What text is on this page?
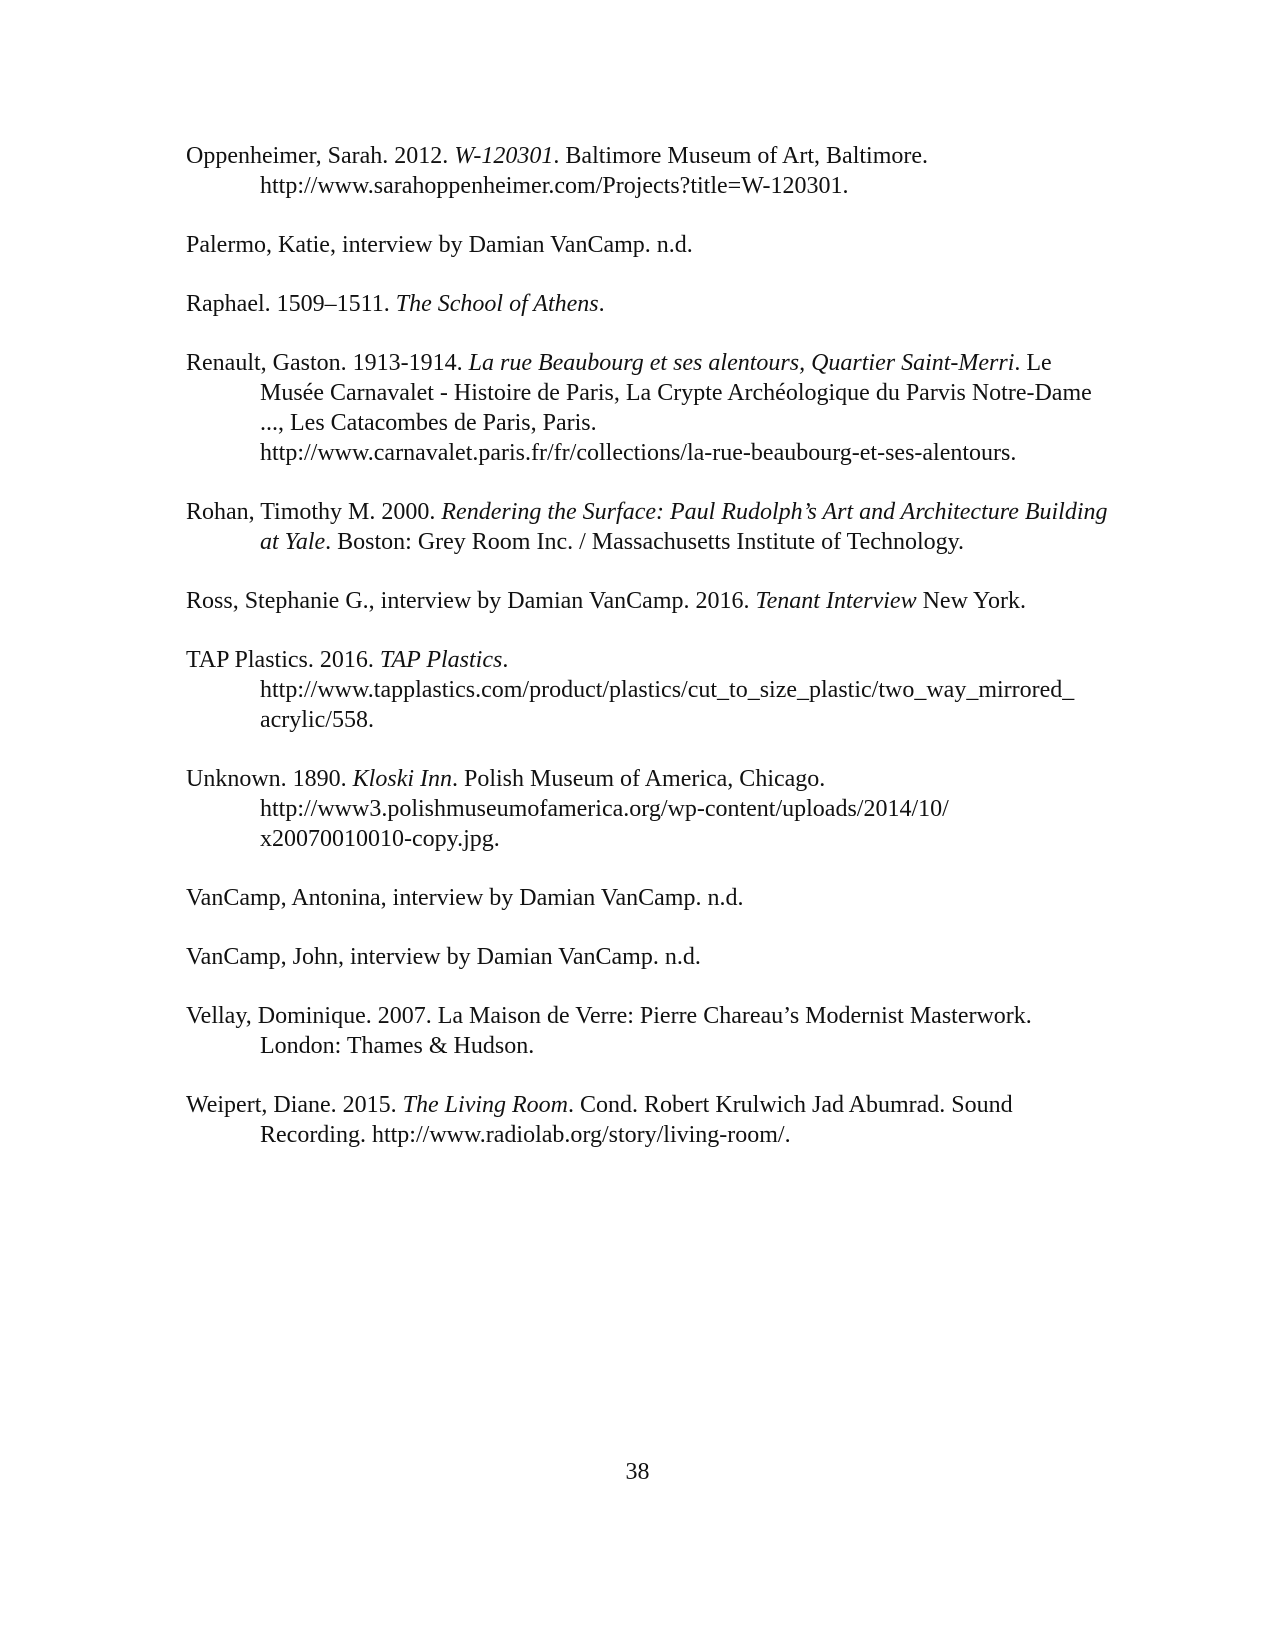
Oppenheimer, Sarah. 2012. W-120301. Baltimore Museum of Art, Baltimore.
http://www.sarahoppenheimer.com/Projects?title=W-120301.

Palermo, Katie, interview by Damian VanCamp. n.d.

Raphael. 1509–1511. The School of Athens.

Renault, Gaston. 1913-1914. La rue Beaubourg et ses alentours, Quartier Saint-Merri. Le Musée Carnavalet - Histoire de Paris, La Crypte Archéologique du Parvis Notre-Dame ..., Les Catacombes de Paris, Paris.
http://www.carnavalet.paris.fr/fr/collections/la-rue-beaubourg-et-ses-alentours.

Rohan, Timothy M. 2000. Rendering the Surface: Paul Rudolph’s Art and Architecture Building at Yale. Boston: Grey Room Inc. / Massachusetts Institute of Technology.

Ross, Stephanie G., interview by Damian VanCamp. 2016. Tenant Interview New York.

TAP Plastics. 2016. TAP Plastics.
http://www.tapplastics.com/product/plastics/cut_to_size_plastic/two_way_mirrored_
acrylic/558.

Unknown. 1890. Kloski Inn. Polish Museum of America, Chicago.
http://www3.polishmuseumofamerica.org/wp-content/uploads/2014/10/
x20070010010-copy.jpg.

VanCamp, Antonina, interview by Damian VanCamp. n.d.

VanCamp, John, interview by Damian VanCamp. n.d.

Vellay, Dominique. 2007. La Maison de Verre: Pierre Chareau’s Modernist Masterwork. London: Thames & Hudson.

Weipert, Diane. 2015. The Living Room. Cond. Robert Krulwich Jad Abumrad. Sound Recording. http://www.radiolab.org/story/living-room/.

38
